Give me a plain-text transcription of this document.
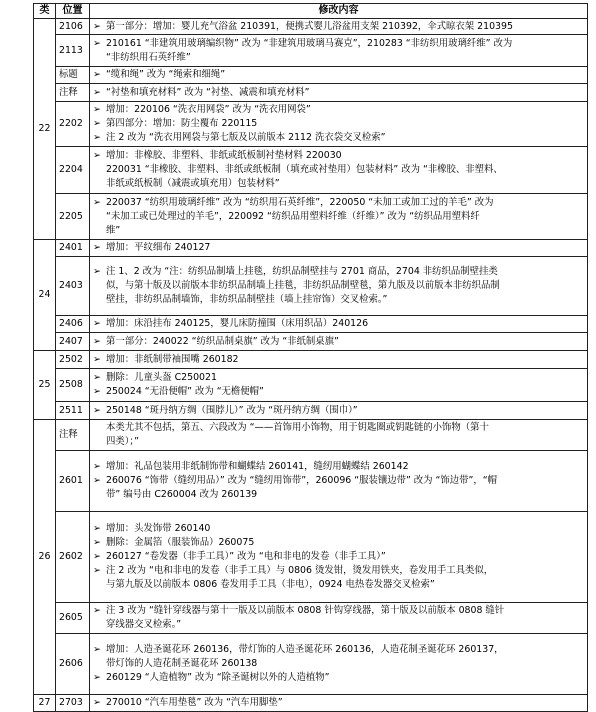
类	位置	修改内容
22	2106	➢ 第一部分：增加：婴儿充气浴盆 210391，便携式婴儿浴盆用支架 210392，伞式晾衣架 210395

	2113	➢ 210161 “非建筑用玻璃编织物” 改为 “非建筑用玻璃马赛克”，210283 “非纺织用玻璃纤维” 改为
“非纺织用石英纤维”

	标题	➢ “缆和绳” 改为 “绳索和细绳”

	注释	➢ “衬垫和填充材料” 改为 “衬垫、减震和填充材料”

	2202	➢ 增加：220106 “洗衣用网袋” 改为 “洗衣用网袋”
➢ 第四部分：增加：防尘覆布 220115
➢ 注 2 改为 “洗衣用网袋与第七版及以前版本 2112 洗衣袋交叉检索”

	2204	➢ 增加：非橡胶、非塑料、非纸或纸板制衬垫材料 220030
220031 “非橡胶、非塑料、非纸或纸板制（填充或衬垫用）包装材料” 改为 “非橡胶、非塑料、
非纸或纸板制（减震或填充用）包装材料”

	2205	➢ 220037 “纺织用玻璃纤维” 改为 “纺织用石英纤维”，220050 “未加工或加工过的羊毛” 改为
“未加工或已处理过的羊毛”，220092 “纺织品用塑料纤维（纤维）” 改为 “纺织品用塑料纤
维”

24	2401	➢ 增加：平纹细布 240127

	2403	➢ 注 1、2 改为 “注：纺织品制墙上挂毯，纺织品制壁挂与 2701 商品，2704 非纺织品制壁挂类
似，与第十版及以前版本非纺织品制墙上挂毯，非纺织品制壁毯，第九版及以前版本非纺织品制
壁挂，非纺织品制墙饰，非纺织品制壁挂（墙上挂帘饰）交叉检索。”

	2406	➢ 增加：床沿挂布 240125，婴儿床防撞围（床用织品）240126

	2407	➢ 第一部分：240022 “纺织品制桌旗” 改为 “非纸制桌旗”

25	2502	➢ 增加：非纸制带袖围嘴 260182

	2508	➢ 删除：儿童头盔 C250021
➢ 250024 “无沿便帽” 改为 “无檐便帽”

	2511	➢ 250148 “斑丹纳方绸（围脖儿）” 改为 “斑丹纳方绸（围巾）”

26	注释	本类尤其不包括，第五、六段改为 “——首饰用小饰物，用于钥匙圈或钥匙链的小饰物（第十
四类）；”

	2601	➢ 增加：礼品包装用非纸制饰带和蝴蝶结 260141，缝纫用蝴蝶结 260142
➢ 260076 “饰带（缝纫用品）” 改为 “缝纫用饰带”，260096 “服装镶边带” 改为 “饰边带”，“帽
带” 编号由 C260004 改为 260139

	2602	➢ 增加：头发饰带 260140
➢ 删除：金属箔（服装饰品）260075
➢ 260127 “卷发器（非手工具）” 改为 “电和非电的发卷（非手工具）”
➢ 注 2 改为 “电和非电的发卷（非手工具）与 0806 烫发钳，烫发用铁夹，卷发用手工具类似，
与第九版及以前版本 0806 卷发用手工具（非电），0924 电热卷发器交叉检索”

	2605	➢ 注 3 改为 “缝针穿线器与第十一版及以前版本 0808 针钩穿线器，第十版及以前版本 0808 缝针
穿线器交叉检索。”

	2606	➢ 增加：人造圣诞花环 260136，带灯饰的人造圣诞花环 260136，人造花制圣诞花环 260137，
带灯饰的人造花制圣诞花环 260138
➢ 260129 “人造植物” 改为 “除圣诞树以外的人造植物”

27	2703	➢ 270010 “汽车用垫毯” 改为 “汽车用脚垫”
